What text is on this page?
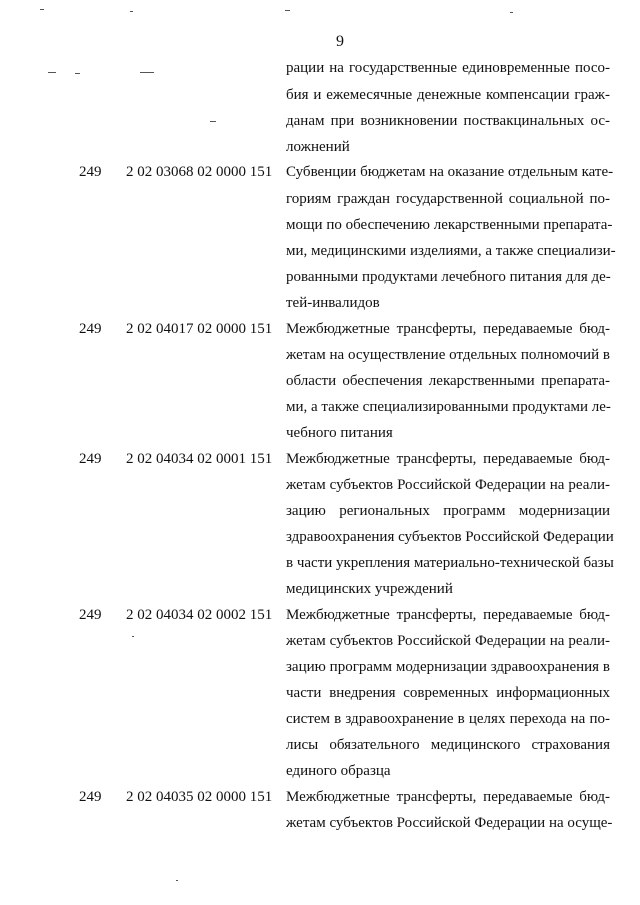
9
рации на государственные единовременные посо-
бия и ежемесячные денежные компенсации граж-
данам при возникновении поствакцинальных ос-
ложнений
249 2 02 03068 02 0000 151 Субвенции бюджетам на оказание отдельным кате-
гориям граждан государственной социальной по-
мощи по обеспечению лекарственными препарата-
ми, медицинскими изделиями, а также специализи-
рованными продуктами лечебного питания для де-
тей-инвалидов
249 2 02 04017 02 0000 151 Межбюджетные трансферты, передаваемые бюд-
жетам на осуществление отдельных полномочий в
области обеспечения лекарственными препарата-
ми, а также специализированными продуктами ле-
чебного питания
249 2 02 04034 02 0001 151 Межбюджетные трансферты, передаваемые бюд-
жетам субъектов Российской Федерации на реали-
зацию региональных программ модернизации
здравоохранения субъектов Российской Федерации
в части укрепления материально-технической базы
медицинских учреждений
249 2 02 04034 02 0002 151 Межбюджетные трансферты, передаваемые бюд-
жетам субъектов Российской Федерации на реали-
зацию программ модернизации здравоохранения в
части внедрения современных информационных
систем в здравоохранение в целях перехода на по-
лисы обязательного медицинского страхования
единого образца
249 2 02 04035 02 0000 151 Межбюджетные трансферты, передаваемые бюд-
жетам субъектов Российской Федерации на осуще-
